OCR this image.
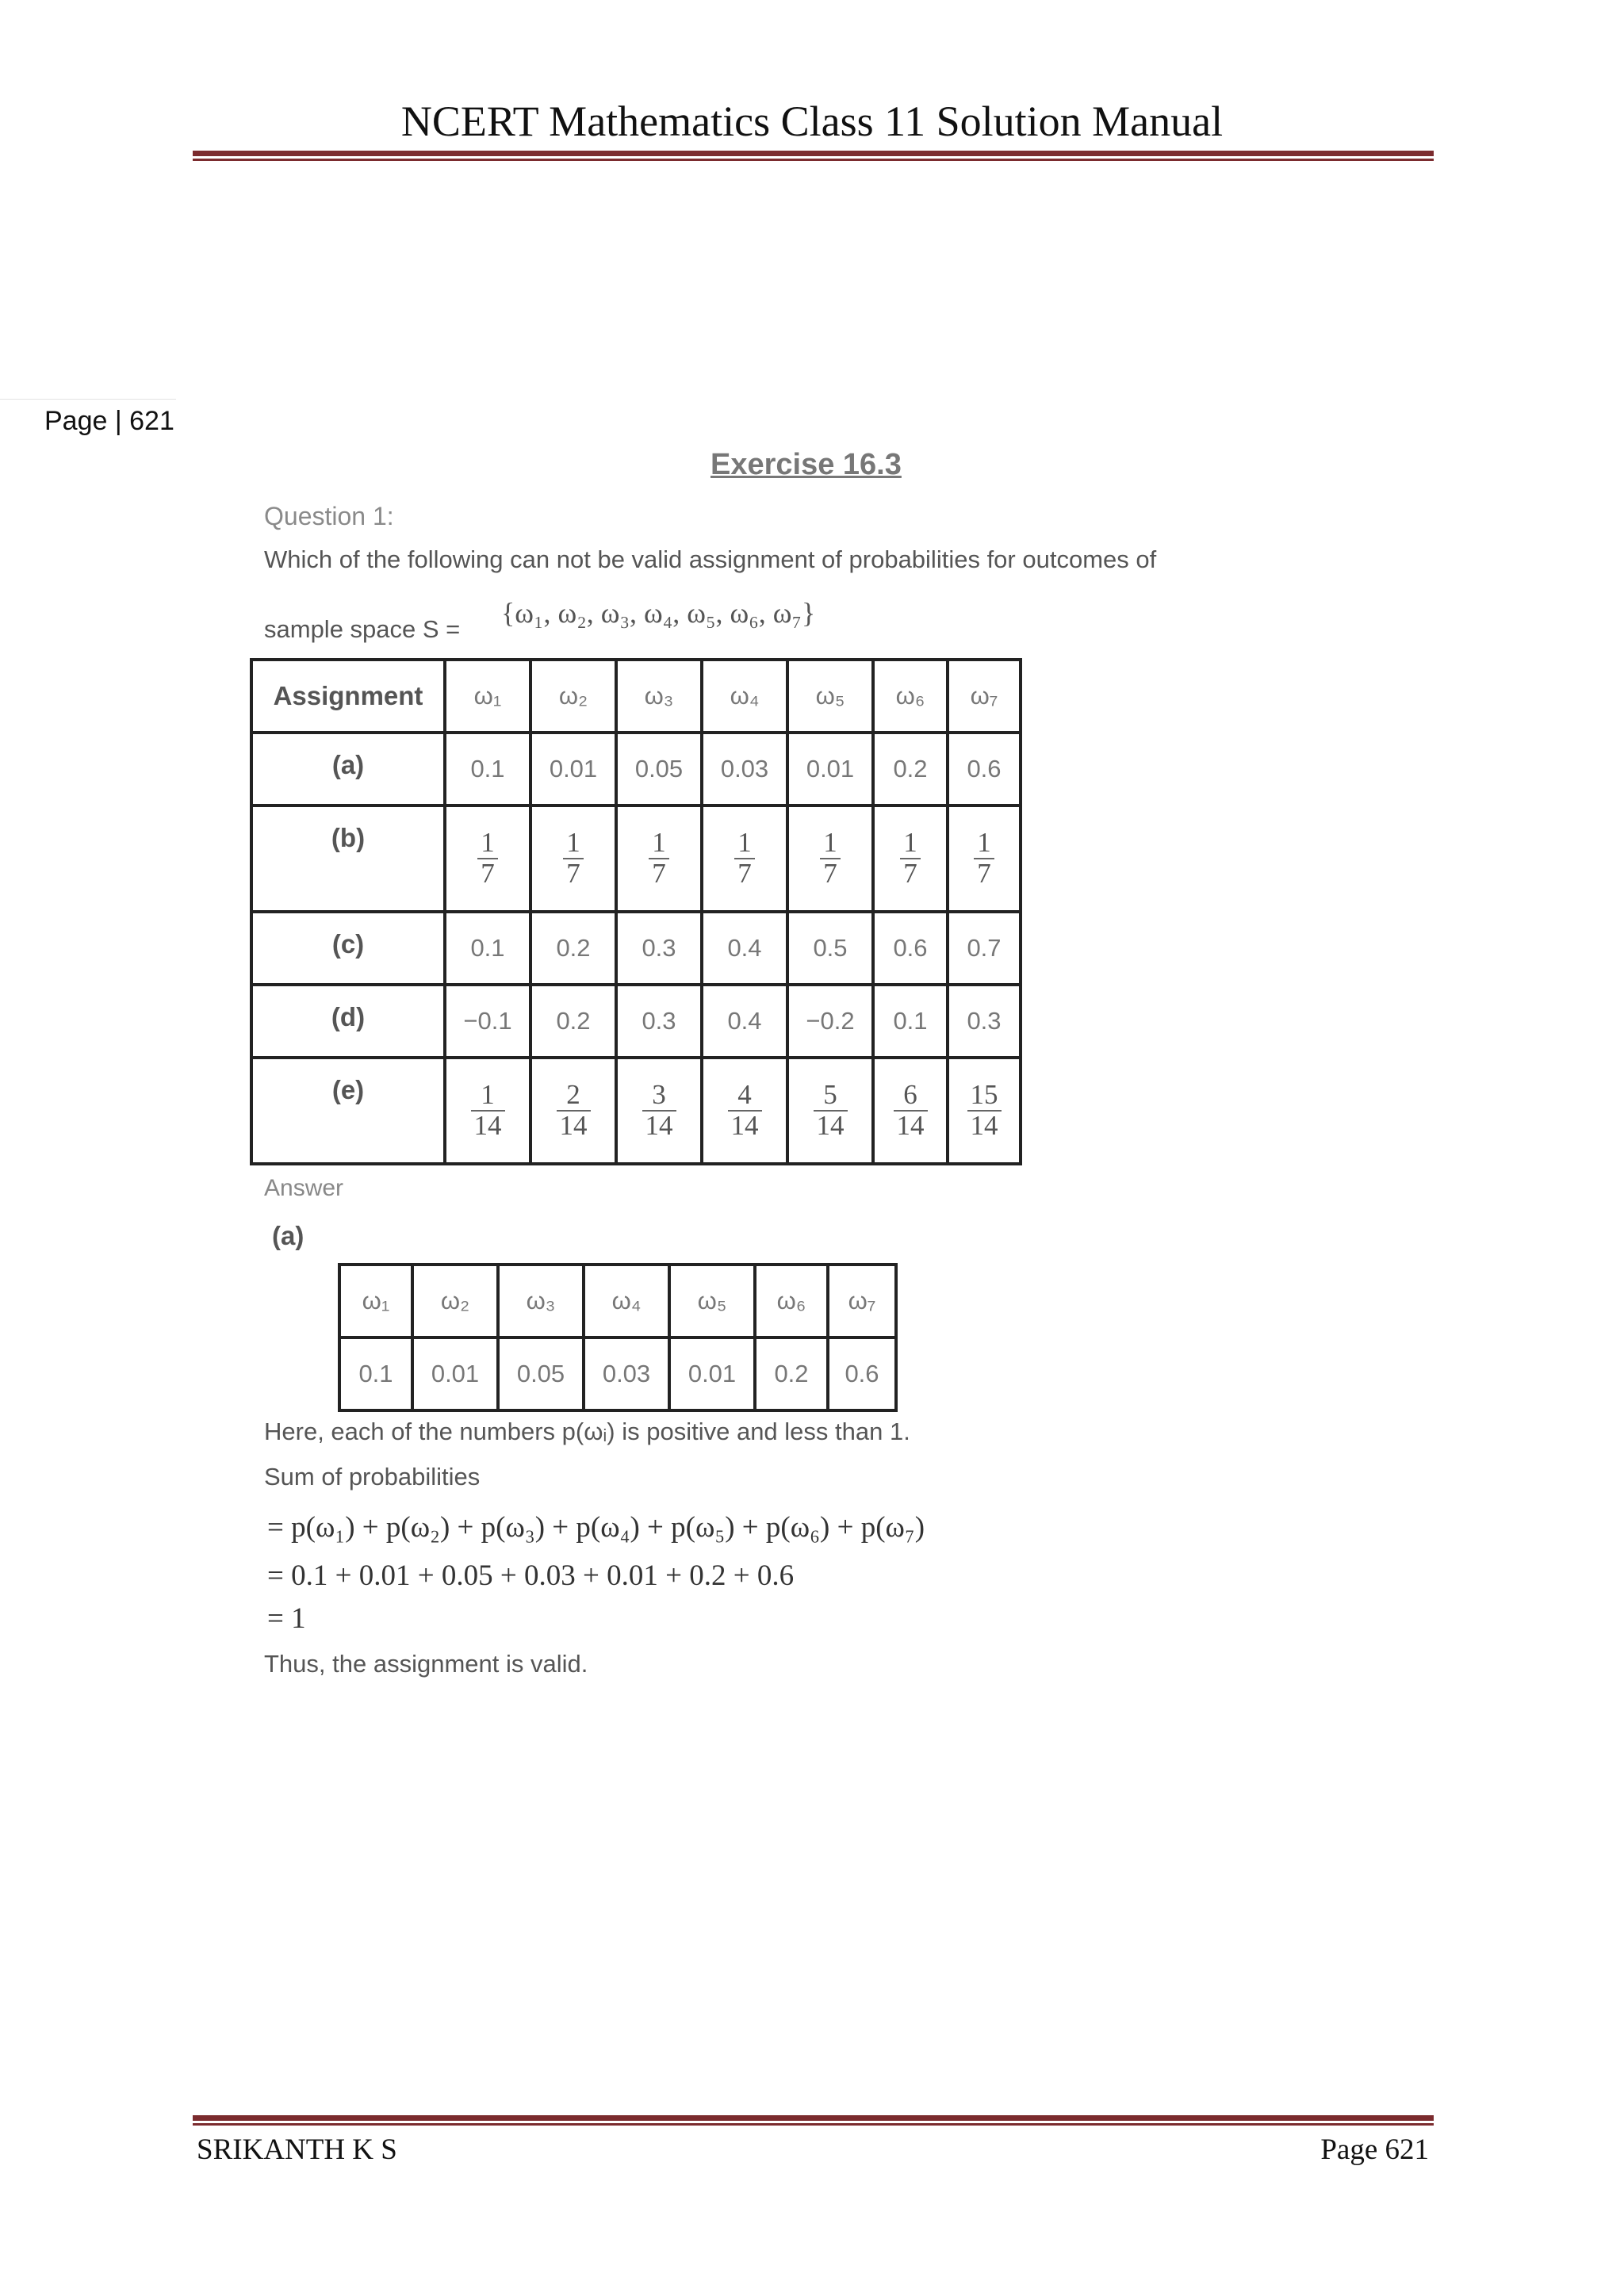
NCERT Mathematics Class 11 Solution Manual
Page | 621
Exercise 16.3
Question 1:
Which of the following can not be valid assignment of probabilities for outcomes of
sample space S =
{ω₁, ω₂, ω₃, ω₄, ω₅, ω₆, ω₇}
Assignment	ω₁	ω₂	ω₃	ω₄	ω₅	ω₆	ω₇
(a)	0.1	0.01	0.05	0.03	0.01	0.2	0.6
(b)	$\frac{1}{7}$	$\frac{1}{7}$	$\frac{1}{7}$	$\frac{1}{7}$	$\frac{1}{7}$	$\frac{1}{7}$	$\frac{1}{7}$

(c)	0.1	0.2	0.3	0.4	0.5	0.6	0.7
(d)	−0.1	0.2	0.3	0.4	−0.2	0.1	0.3
(e)	$\frac{1}{14}$	$\frac{2}{14}$	$\frac{3}{14}$	$\frac{4}{14}$	$\frac{5}{14}$	$\frac{6}{14}$	$\frac{15}{14}$
Answer
(a)
ω₁	ω₂	ω₃	ω₄	ω₅	ω₆	ω₇
0.1	0.01	0.05	0.03	0.01	0.2	0.6
Here, each of the numbers p(ωᵢ) is positive and less than 1.
Sum of probabilities
= p(ω₁) + p(ω₂) + p(ω₃) + p(ω₄) + p(ω₅) + p(ω₆) + p(ω₇)
= 0.1 + 0.01 + 0.05 + 0.03 + 0.01 + 0.2 + 0.6
= 1
Thus, the assignment is valid.
SRIKANTH K S	Page 621
